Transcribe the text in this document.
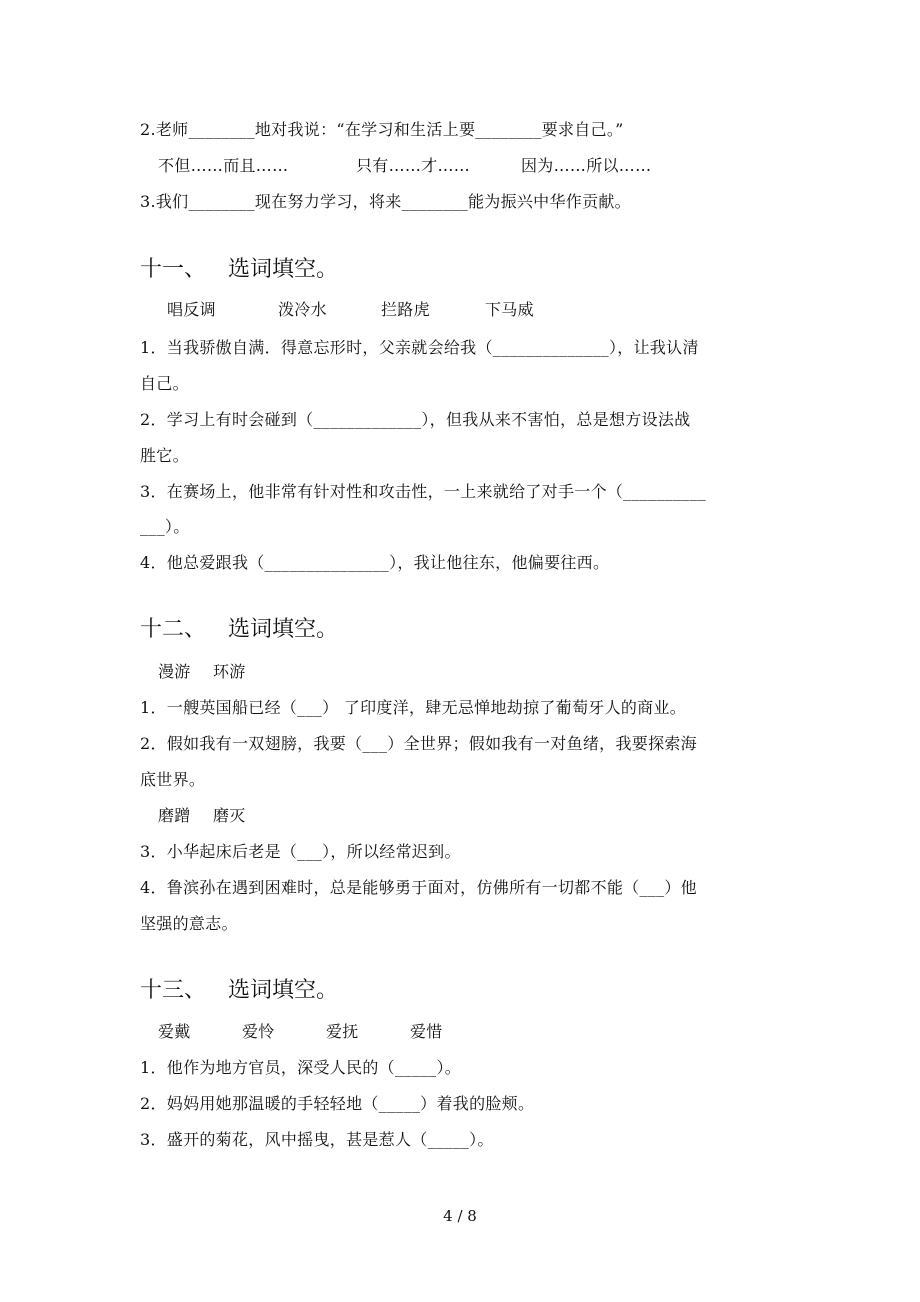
2.老师________地对我说：“在学习和生活上要________要求自己。”
不但……而且……	只有……才……	因为……所以……
3.我们________现在努力学习，将来________能为振兴中华作贡献。
十一、 选词填空。
唱反调	泼冷水	拦路虎	下马威
1．当我骄傲自满．得意忘形时，父亲就会给我（______________），让我认清
自己。
2．学习上有时会碰到（_____________），但我从来不害怕，总是想方设法战
胜它。
3．在赛场上，他非常有针对性和攻击性，一上来就给了对手一个（__________
___）。
4．他总爱跟我（_______________），我让他往东，他偏要往西。
十二、 选词填空。
漫游 环游
1．一艘英国船已经（___） 了印度洋，肆无忌惮地劫掠了葡萄牙人的商业。
2．假如我有一双翅膀，我要（___）全世界；假如我有一对鱼绪，我要探索海
底世界。
磨蹭 磨灭
3．小华起床后老是（___），所以经常迟到。
4．鲁滨孙在遇到困难时，总是能够勇于面对，仿佛所有一切都不能（___）他
坚强的意志。
十三、 选词填空。
爱戴	爱怜	爱抚	爱惜
1．他作为地方官员，深受人民的（_____）。
2．妈妈用她那温暖的手轻轻地（_____）着我的脸颊。
3．盛开的菊花，风中摇曳，甚是惹人（_____）。
4 / 8
